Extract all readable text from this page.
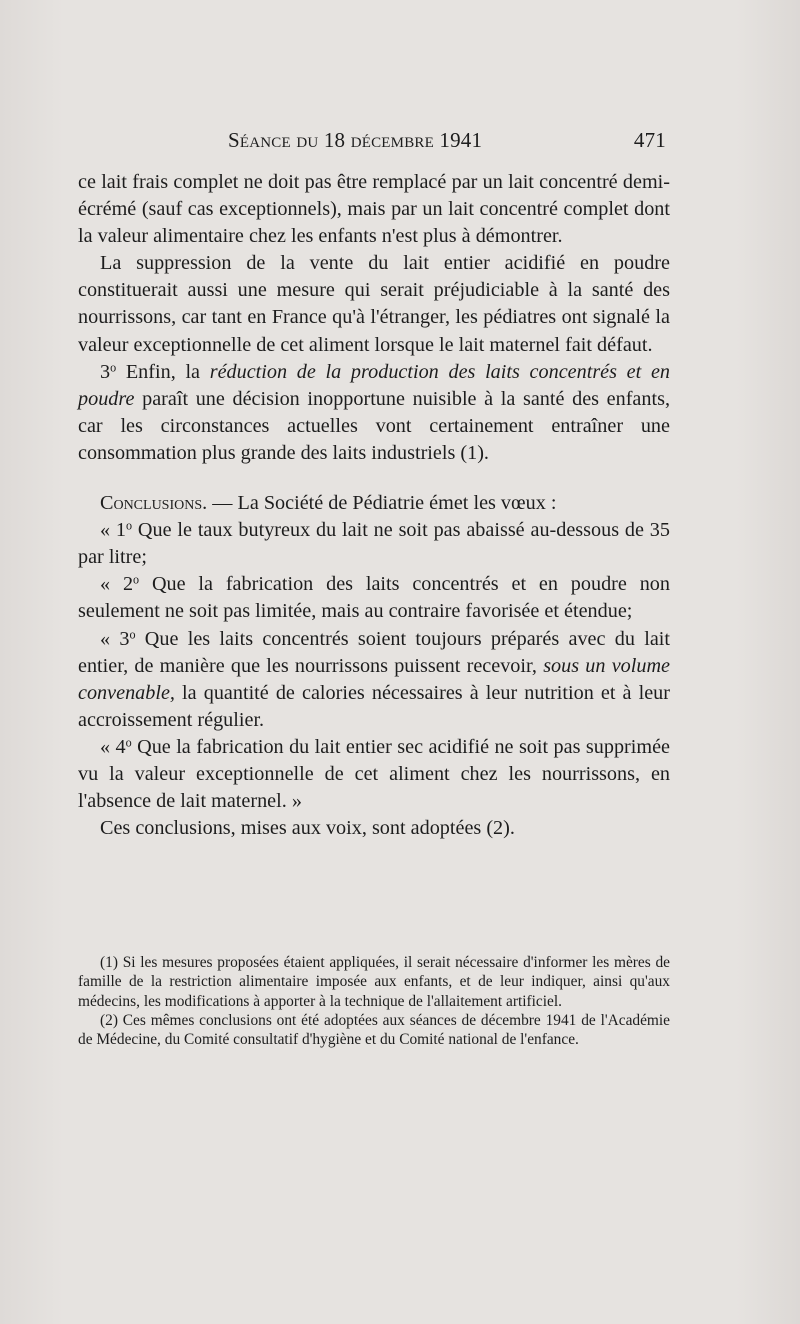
Séance du 18 décembre 1941	471

ce lait frais complet ne doit pas être remplacé par un lait concentré demi-écrémé (sauf cas exceptionnels), mais par un lait concentré complet dont la valeur alimentaire chez les enfants n'est plus à démontrer.

La suppression de la vente du lait entier acidifié en poudre constituerait aussi une mesure qui serait préjudiciable à la santé des nourrissons, car tant en France qu'à l'étranger, les pédiatres ont signalé la valeur exceptionnelle de cet aliment lorsque le lait maternel fait défaut.

3$^o$ Enfin, la réduction de la production des laits concentrés et en poudre paraît une décision inopportune nuisible à la santé des enfants, car les circonstances actuelles vont certainement entraîner une consommation plus grande des laits industriels (1).

Conclusions. — La Société de Pédiatrie émet les vœux :

« 1$^o$ Que le taux butyreux du lait ne soit pas abaissé au-dessous de 35 par litre;

« 2$^o$ Que la fabrication des laits concentrés et en poudre non seulement ne soit pas limitée, mais au contraire favorisée et étendue;

« 3$^o$ Que les laits concentrés soient toujours préparés avec du lait entier, de manière que les nourrissons puissent recevoir, sous un volume convenable, la quantité de calories nécessaires à leur nutrition et à leur accroissement régulier.

« 4$^o$ Que la fabrication du lait entier sec acidifié ne soit pas supprimée vu la valeur exceptionnelle de cet aliment chez les nourrissons, en l'absence de lait maternel. »

Ces conclusions, mises aux voix, sont adoptées (2).

(1) Si les mesures proposées étaient appliquées, il serait nécessaire d'informer les mères de famille de la restriction alimentaire imposée aux enfants, et de leur indiquer, ainsi qu'aux médecins, les modifications à apporter à la technique de l'allaitement artificiel.

(2) Ces mêmes conclusions ont été adoptées aux séances de décembre 1941 de l'Académie de Médecine, du Comité consultatif d'hygiène et du Comité national de l'enfance.
